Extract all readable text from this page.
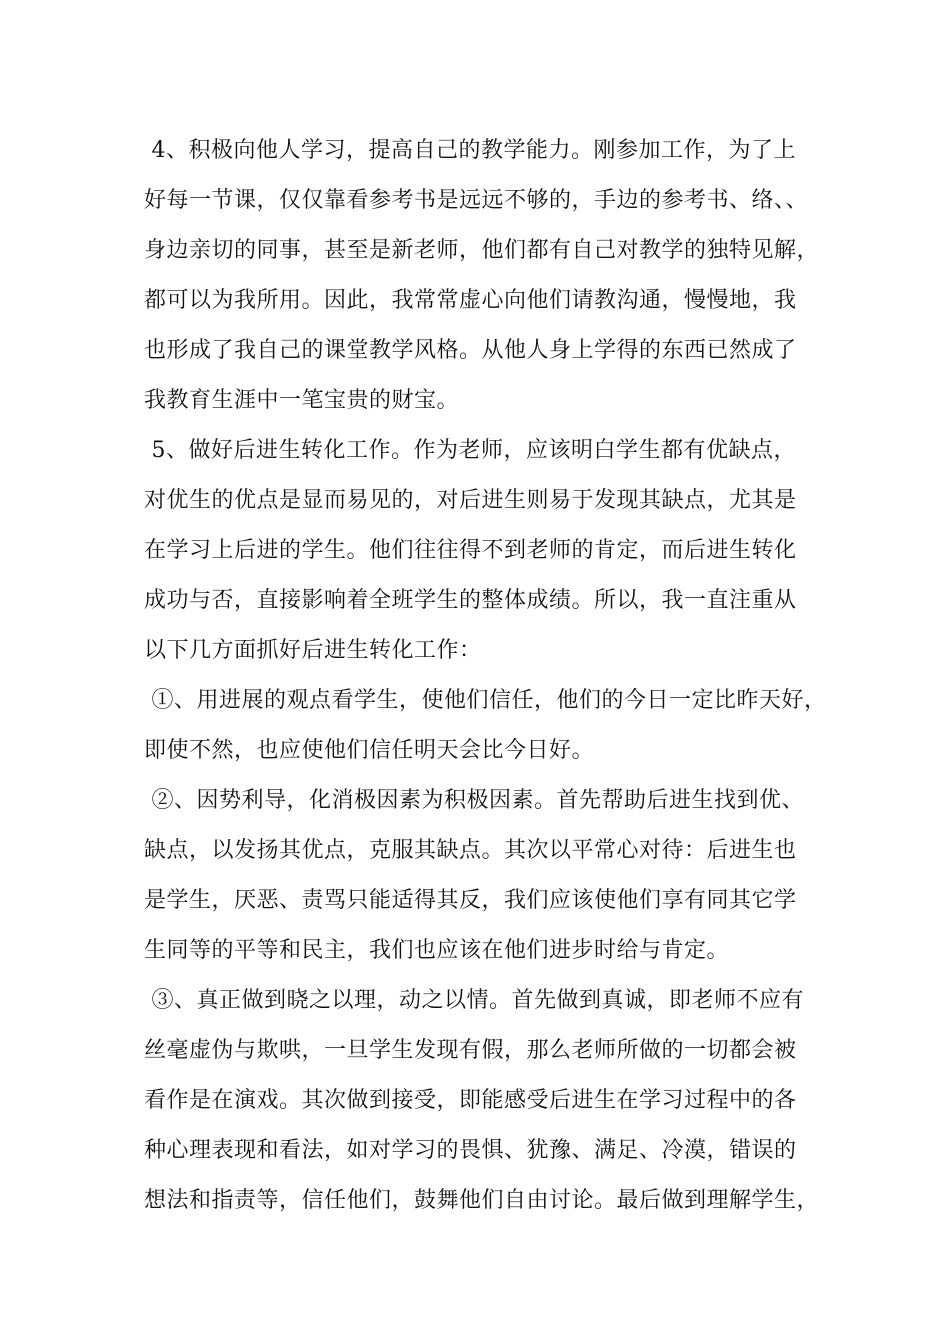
4、积极向他人学习，提高自己的教学能力。刚参加工作，为了上
好每一节课，仅仅靠看参考书是远远不够的，手边的参考书、络、、
身边亲切的同事，甚至是新老师，他们都有自己对教学的独特见解，
都可以为我所用。因此，我常常虚心向他们请教沟通，慢慢地，我
也形成了我自己的课堂教学风格。从他人身上学得的东西已然成了
我教育生涯中一笔宝贵的财宝。
5、做好后进生转化工作。作为老师，应该明白学生都有优缺点，
对优生的优点是显而易见的，对后进生则易于发现其缺点，尤其是
在学习上后进的学生。他们往往得不到老师的肯定，而后进生转化
成功与否，直接影响着全班学生的整体成绩。所以，我一直注重从
以下几方面抓好后进生转化工作：
①、用进展的观点看学生，使他们信任，他们的今日一定比昨天好，
即使不然，也应使他们信任明天会比今日好。
②、因势利导，化消极因素为积极因素。首先帮助后进生找到优、
缺点，以发扬其优点，克服其缺点。其次以平常心对待：后进生也
是学生，厌恶、责骂只能适得其反，我们应该使他们享有同其它学
生同等的平等和民主，我们也应该在他们进步时给与肯定。
③、真正做到晓之以理，动之以情。首先做到真诚，即老师不应有
丝毫虚伪与欺哄，一旦学生发现有假，那么老师所做的一切都会被
看作是在演戏。其次做到接受，即能感受后进生在学习过程中的各
种心理表现和看法，如对学习的畏惧、犹豫、满足、冷漠，错误的
想法和指责等，信任他们，鼓舞他们自由讨论。最后做到理解学生，
